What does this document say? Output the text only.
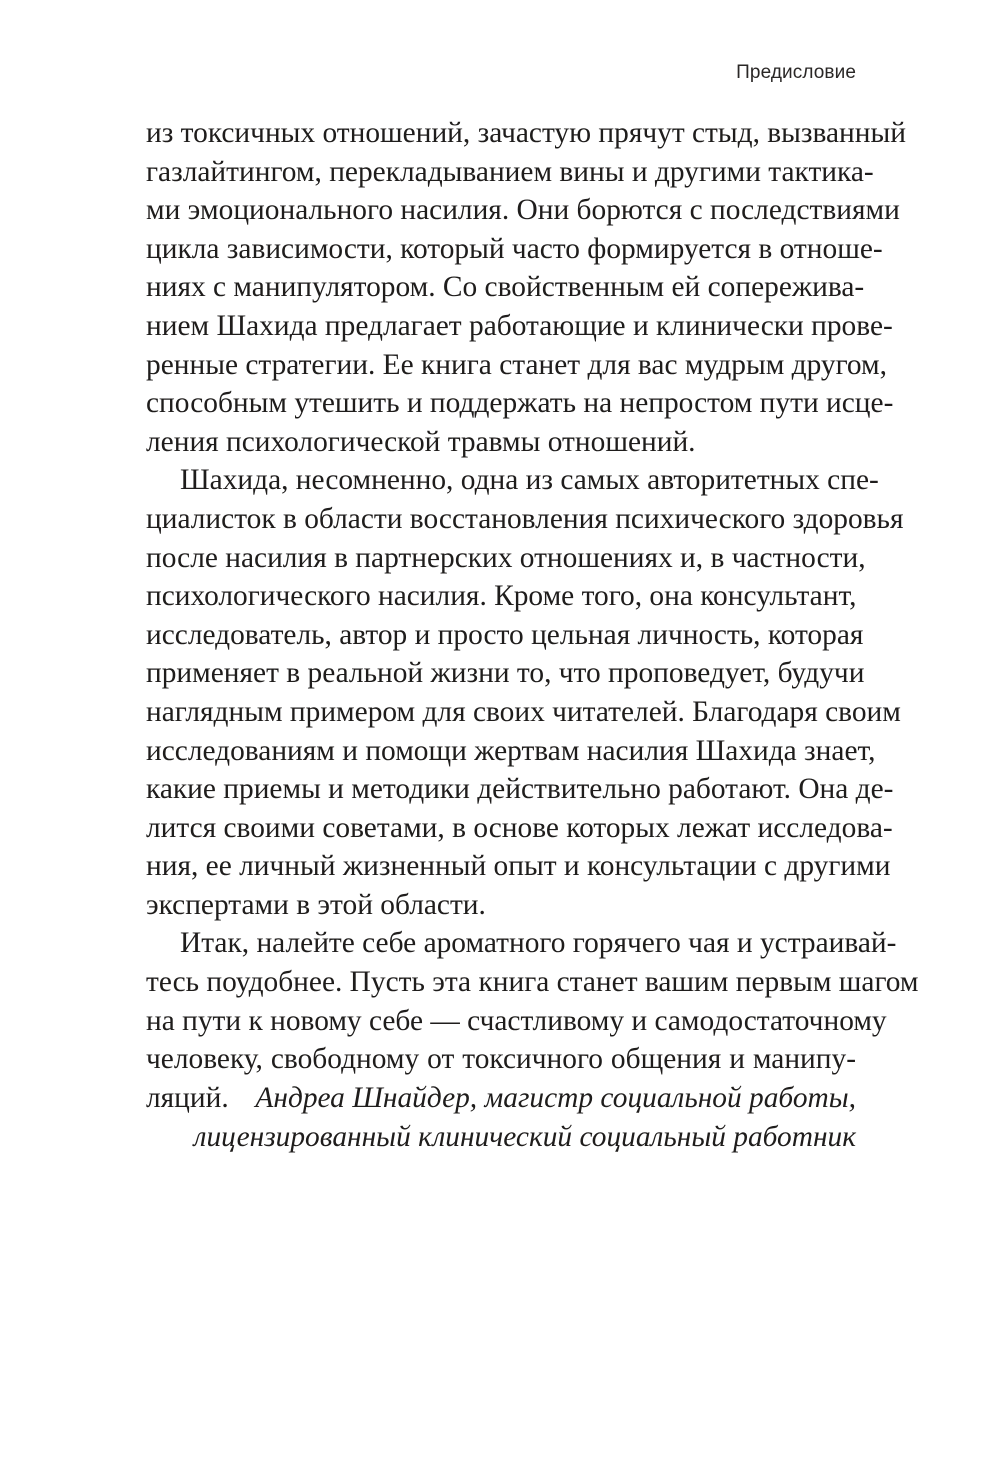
Предисловие
из токсичных отношений, зачастую прячут стыд, вызванный
газлайтингом, перекладыванием вины и другими тактика-
ми эмоционального насилия. Они борются с последствиями
цикла зависимости, который часто формируется в отноше-
ниях с манипулятором. Со свойственным ей сопережива-
нием Шахида предлагает работающие и клинически прове-
ренные стратегии. Ее книга станет для вас мудрым другом,
способным утешить и поддержать на непростом пути исце-
ления психологической травмы отношений.
Шахида, несомненно, одна из самых авторитетных спе-
циалисток в области восстановления психического здоровья
после насилия в партнерских отношениях и, в частности,
психологического насилия. Кроме того, она консультант,
исследователь, автор и просто цельная личность, которая
применяет в реальной жизни то, что проповедует, будучи
наглядным примером для своих читателей. Благодаря своим
исследованиям и помощи жертвам насилия Шахида знает,
какие приемы и методики действительно работают. Она де-
лится своими советами, в основе которых лежат исследова-
ния, ее личный жизненный опыт и консультации с другими
экспертами в этой области.
Итак, налейте себе ароматного горячего чая и устраивай-
тесь поудобнее. Пусть эта книга станет вашим первым шагом
на пути к новому себе — счастливому и самодостаточному
человеку, свободному от токсичного общения и манипу-
ляций. Андреа Шнайдер, магистр социальной работы,
лицензированный клинический социальный работник
